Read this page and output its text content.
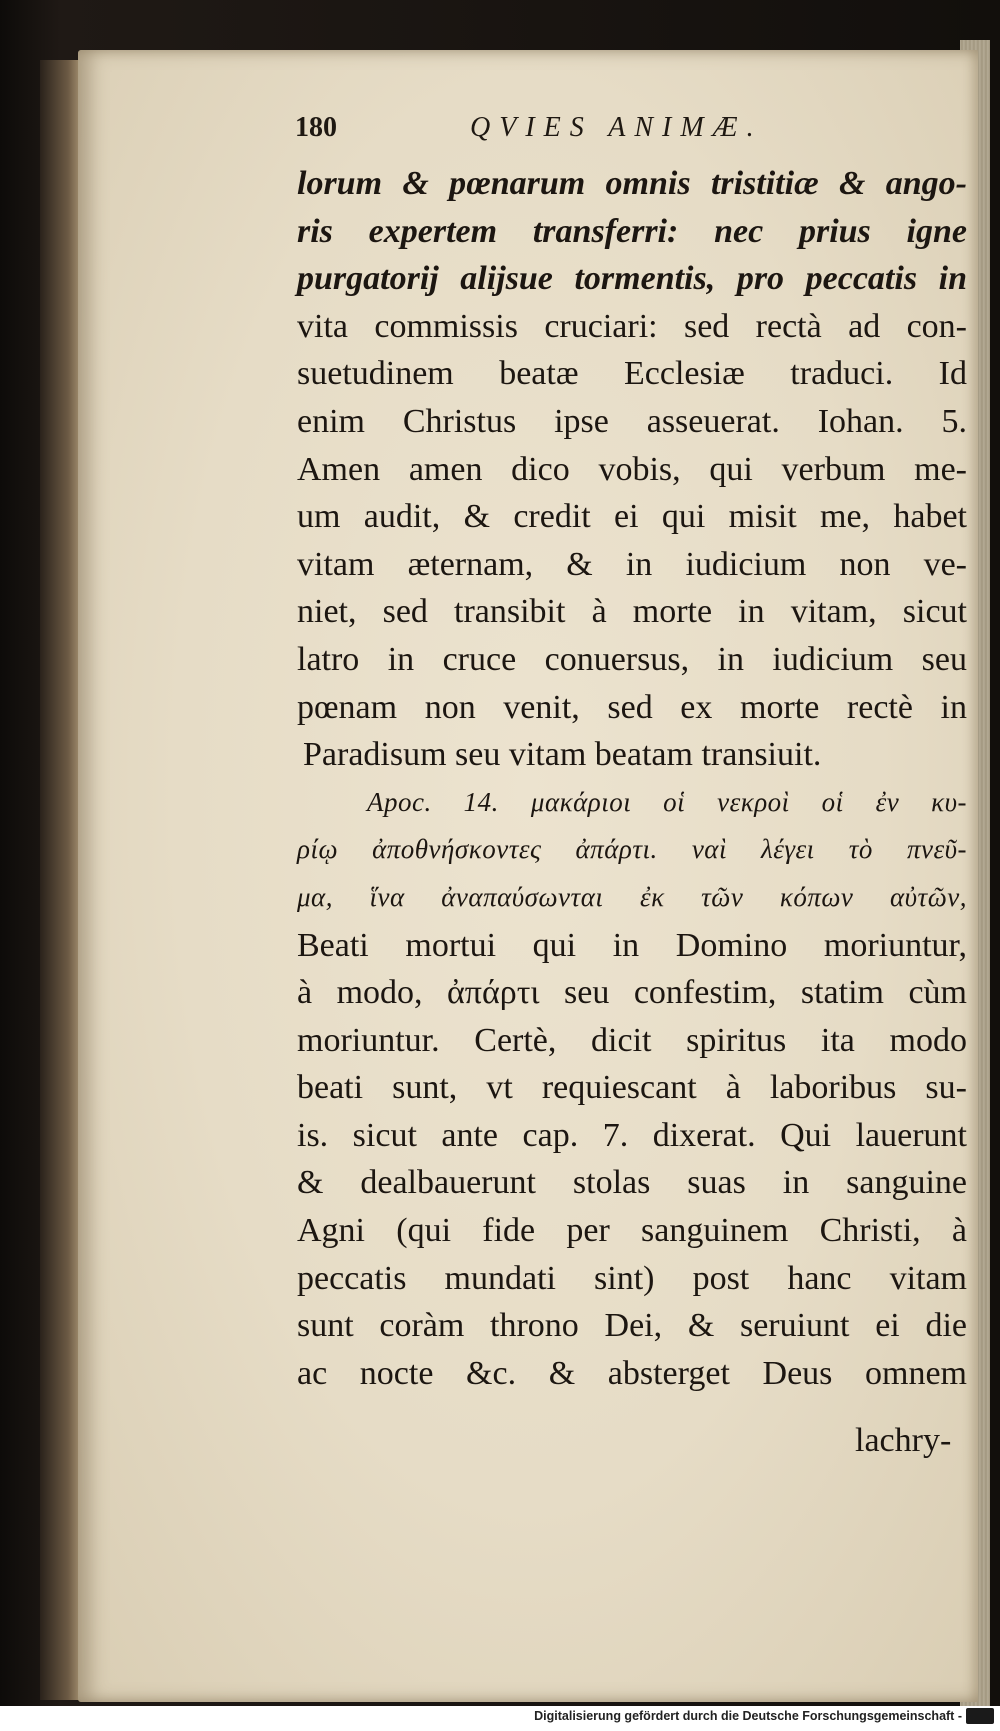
180	QVIES ANIMÆ.
lorum & pœnarum omnis tristitiæ & ango-
ris expertem transferri: nec prius igne
purgatorij alijsue tormentis, pro peccatis in
vita commissis cruciari: sed rectà ad con-
suetudinem beatæ Ecclesiæ traduci. Id
enim Christus ipse asseuerat. Iohan. 5.
Amen amen dico vobis, qui verbum me-
um audit, & credit ei qui misit me, habet
vitam æternam, & in iudicium non ve-
niet, sed transibit à morte in vitam, sicut
latro in cruce conuersus, in iudicium seu
pœnam non venit, sed ex morte rectè in
Paradisum seu vitam beatam transiuit.
Apoc. 14. μακάριοι οἱ νεκροὶ οἱ ἐν κυ-
ρίῳ ἀποθνήσκοντες ἀπάρτι. ναὶ λέγει τὸ πνεῦ-
μα, ἵνα ἀναπαύσωνται ἐκ τῶν κόπων αὐτῶν,
Beati mortui qui in Domino moriuntur,
à modo, ἀπάρτι seu confestim, statim cùm
moriuntur. Certè, dicit spiritus ita modo
beati sunt, vt requiescant à laboribus su-
is. sicut ante cap. 7. dixerat. Qui lauerunt
& dealbauerunt stolas suas in sanguine
Agni (qui fide per sanguinem Christi, à
peccatis mundati sint) post hanc vitam
sunt coràm throno Dei, & seruiunt ei die
ac nocte &c. & absterget Deus omnem
lachry-
Digitalisierung gefördert durch die Deutsche Forschungsgemeinschaft -
